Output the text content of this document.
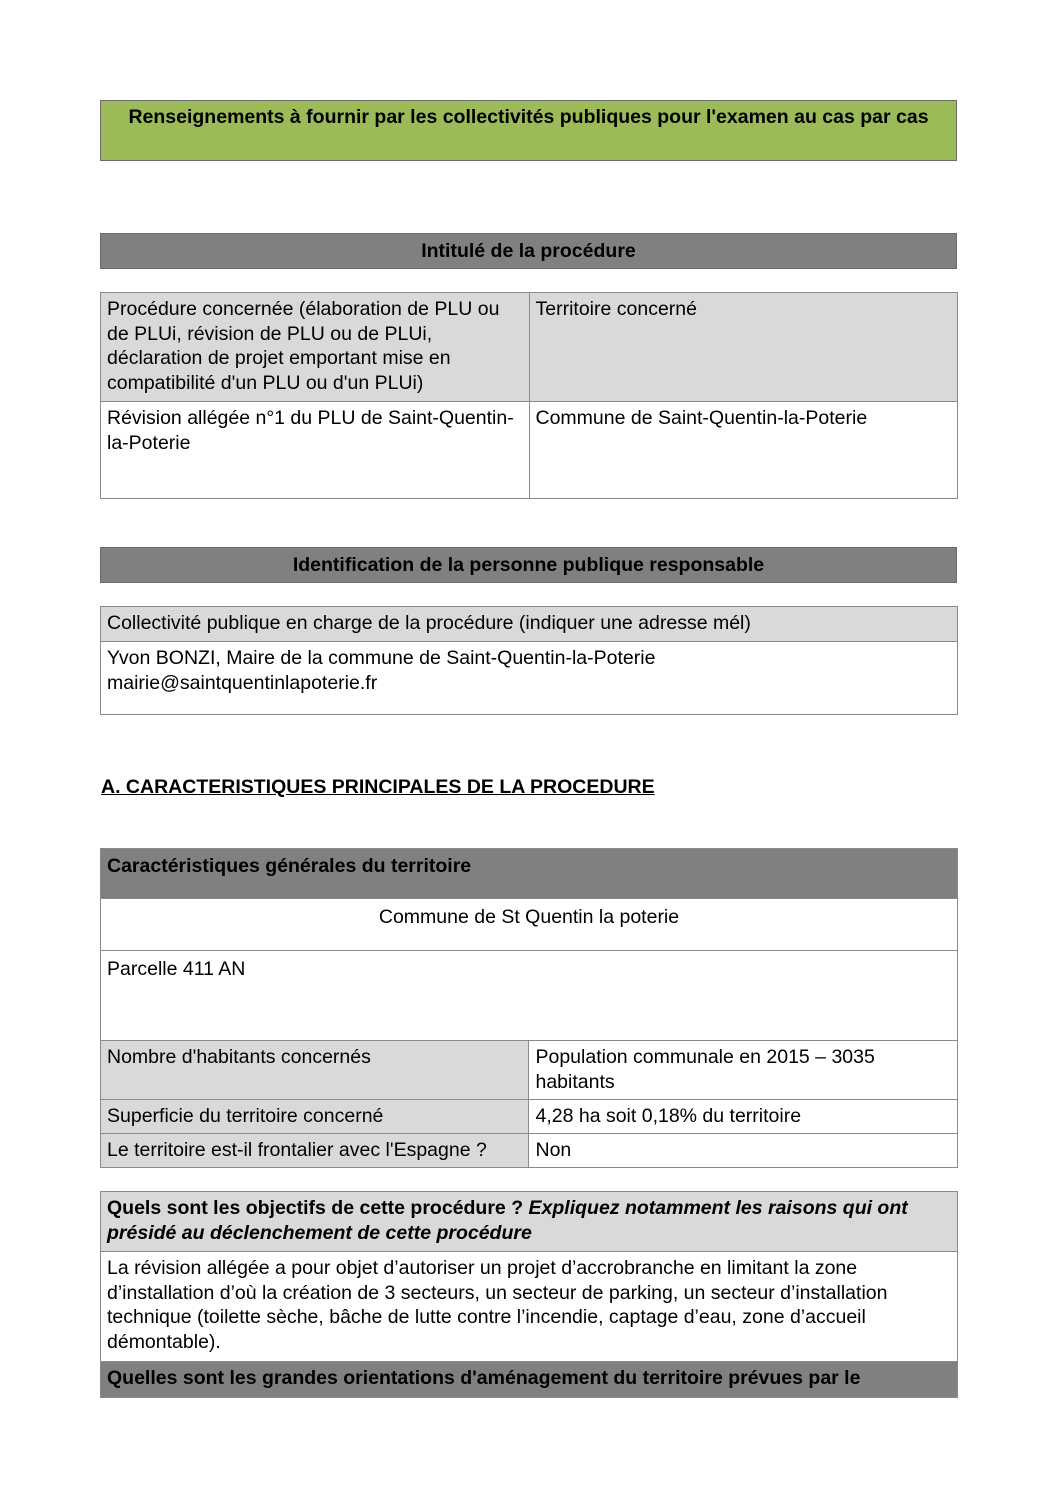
Renseignements à fournir par les collectivités publiques pour l'examen au cas par cas
Intitulé de la procédure
Procédure concernée (élaboration de PLU ou de PLUi, révision de PLU ou de PLUi, déclaration de projet emportant mise en compatibilité d'un PLU ou d'un PLUi)	Territoire concerné
Révision allégée n°1 du PLU de Saint-Quentin-la-Poterie	Commune de Saint-Quentin-la-Poterie
Identification de la personne publique responsable
Collectivité publique en charge de la procédure (indiquer une adresse mél)

Yvon BONZI, Maire de la commune de Saint-Quentin-la-Poterie
mairie@saintquentinlapoterie.fr
A. CARACTERISTIQUES PRINCIPALES DE LA PROCEDURE
Caractéristiques générales du territoire	
Commune de St Quentin la poterie	
Parcelle 411 AN	
Nombre d'habitants concernés	Population communale en 2015 – 3035 habitants
Superficie du territoire concerné	4,28 ha soit 0,18% du territoire
Le territoire est-il frontalier avec l'Espagne ?	Non
Quels sont les objectifs de cette procédure ? Expliquez notamment les raisons qui ont présidé au déclenchement de cette procédure
La révision allégée a pour objet d’autoriser un projet d’accrobranche en limitant la zone d’installation d’où la création de 3 secteurs, un secteur de parking, un secteur d’installation technique (toilette sèche, bâche de lutte contre l’incendie, captage d’eau, zone d’accueil démontable).
Quelles sont les grandes orientations d'aménagement du territoire prévues par le
